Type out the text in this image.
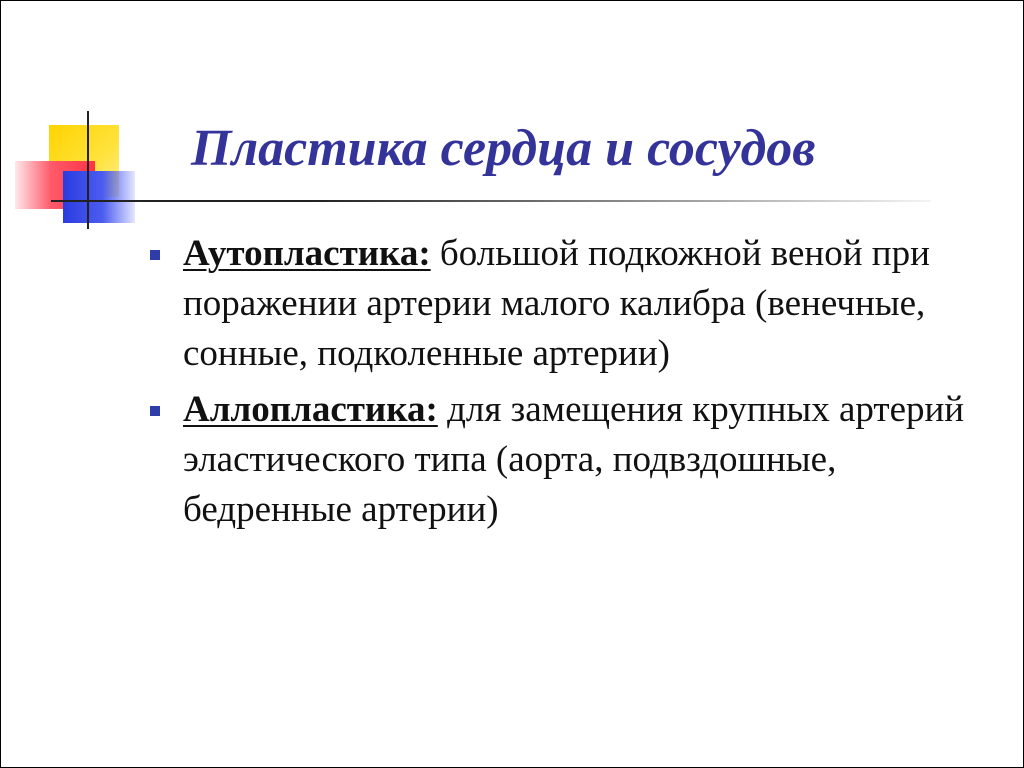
Пластика сердца и сосудов
Аутопластика: большой подкожной веной при поражении артерии малого калибра (венечные, сонные, подколенные артерии)
Аллопластика: для замещения крупных артерий эластического типа (аорта, подвздошные, бедренные артерии)
